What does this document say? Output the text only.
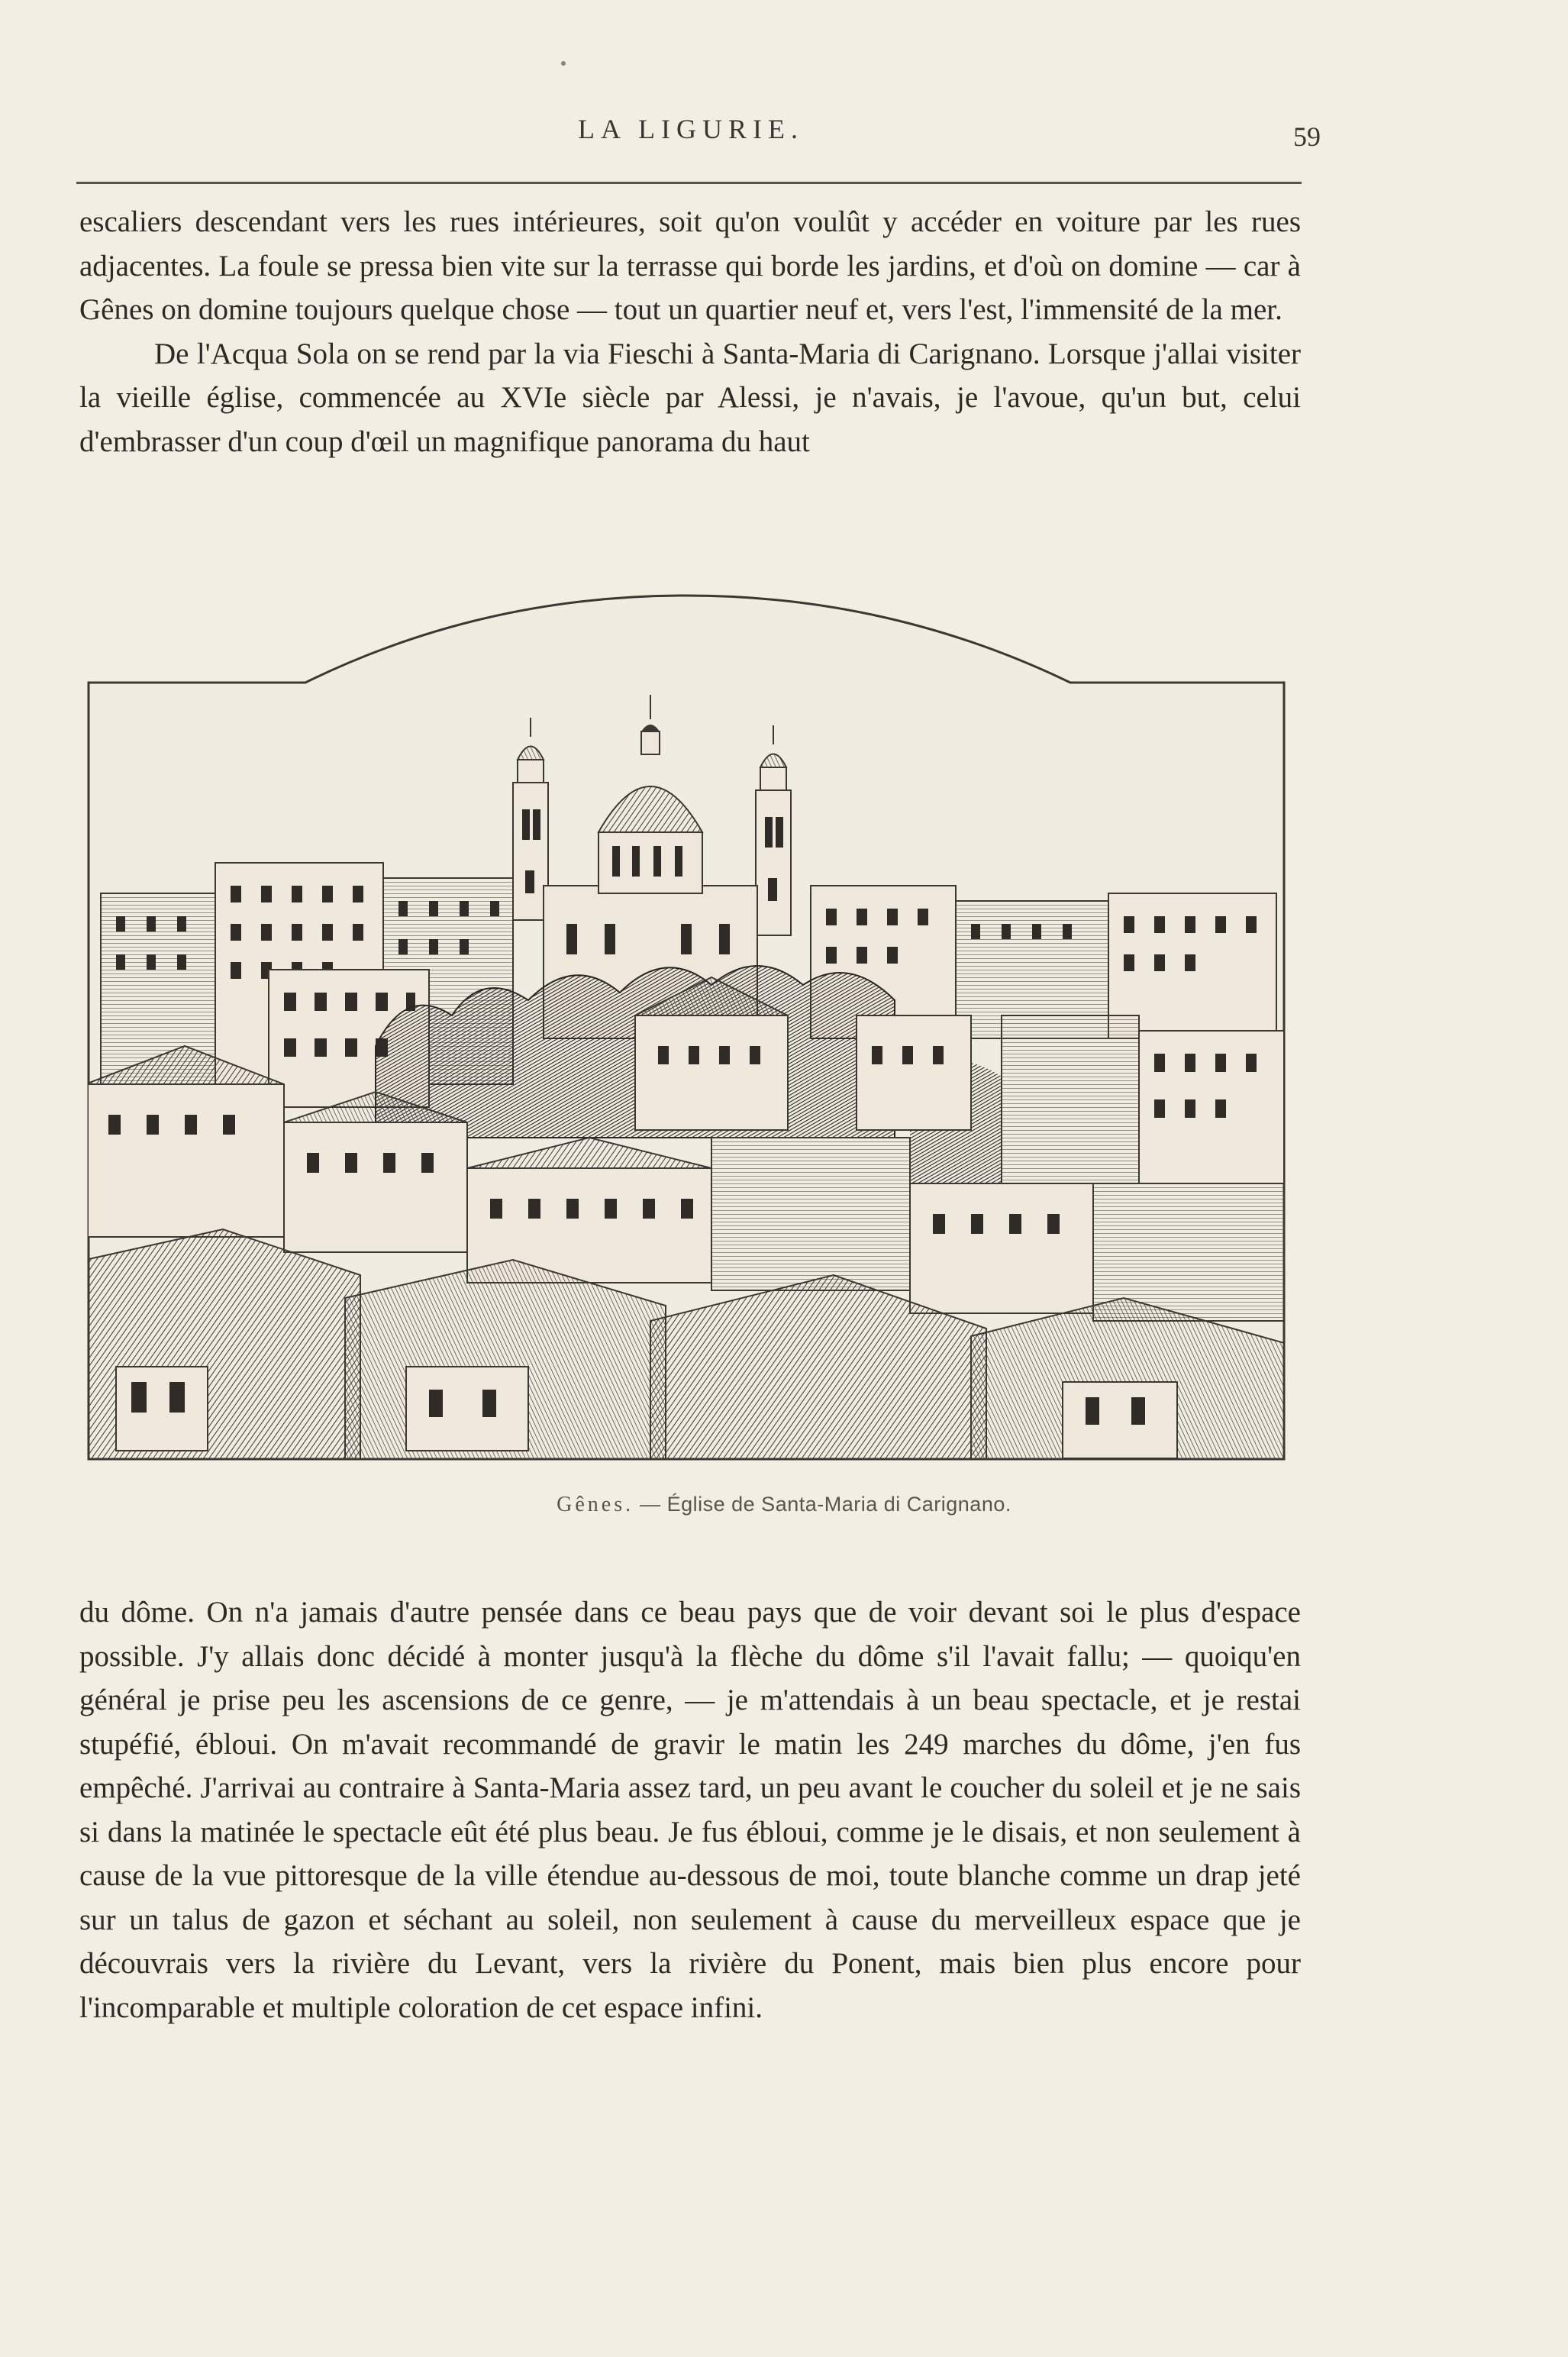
LA LIGURIE.	59

escaliers descendant vers les rues intérieures, soit qu'on voulût y accéder en voiture par les rues adjacentes. La foule se pressa bien vite sur la terrasse qui borde les jardins, et d'où on domine — car à Gênes on domine toujours quelque chose — tout un quartier neuf et, vers l'est, l'immensité de la mer.

De l'Acqua Sola on se rend par la via Fieschi à Santa-Maria di Carignano. Lorsque j'allai visiter la vieille église, commencée au XVIe siècle par Alessi, je n'avais, je l'avoue, qu'un but, celui d'embrasser d'un coup d'œil un magnifique panorama du haut

Gênes. — Église de Santa-Maria di Carignano.

du dôme. On n'a jamais d'autre pensée dans ce beau pays que de voir devant soi le plus d'espace possible. J'y allais donc décidé à monter jusqu'à la flèche du dôme s'il l'avait fallu; — quoiqu'en général je prise peu les ascensions de ce genre, — je m'attendais à un beau spectacle, et je restai stupéfié, ébloui. On m'avait recommandé de gravir le matin les 249 marches du dôme, j'en fus empêché. J'arrivai au contraire à Santa-Maria assez tard, un peu avant le coucher du soleil et je ne sais si dans la matinée le spectacle eût été plus beau. Je fus ébloui, comme je le disais, et non seulement à cause de la vue pittoresque de la ville étendue au-dessous de moi, toute blanche comme un drap jeté sur un talus de gazon et séchant au soleil, non seulement à cause du merveilleux espace que je découvrais vers la rivière du Levant, vers la rivière du Ponent, mais bien plus encore pour l'incomparable et multiple coloration de cet espace infini.
